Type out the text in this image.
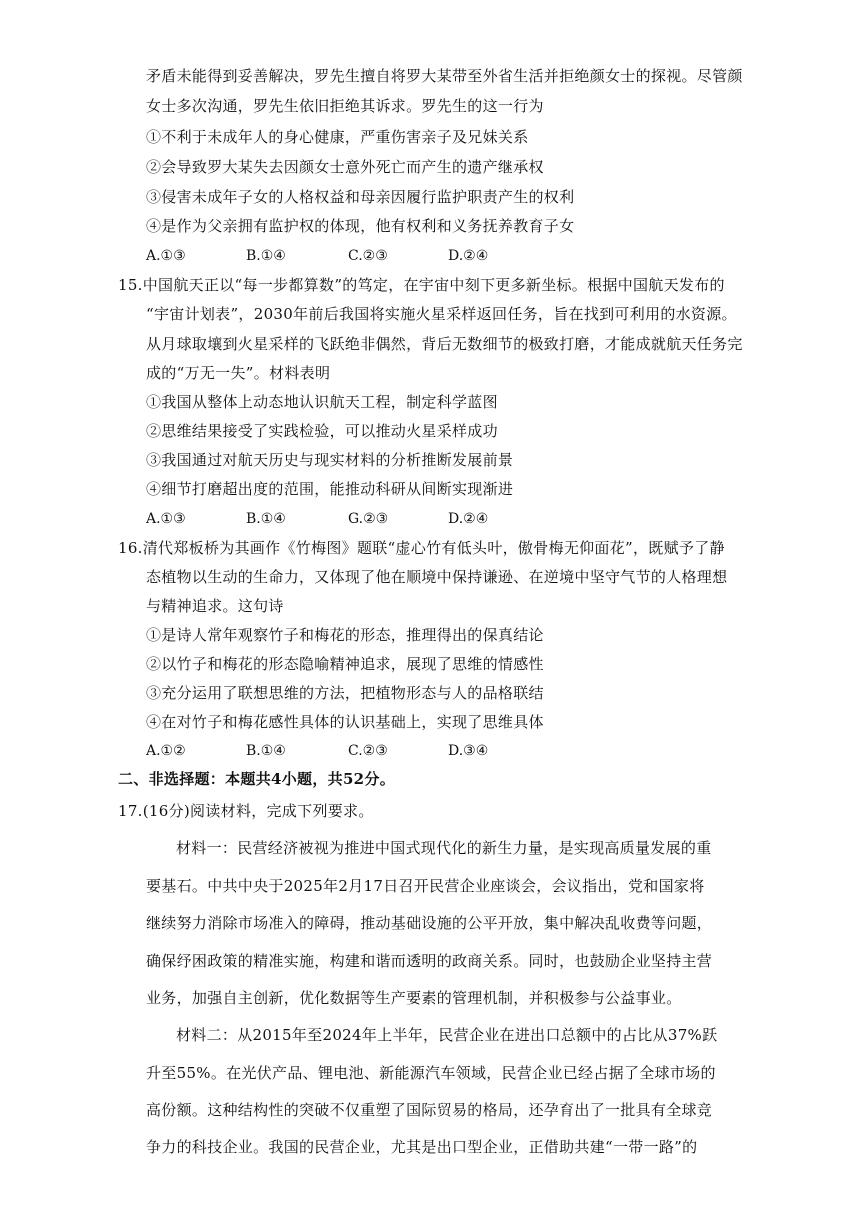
矛盾未能得到妥善解决，罗先生擅自将罗大某带至外省生活并拒绝颜女士的探视。尽管颜
女士多次沟通，罗先生依旧拒绝其诉求。罗先生的这一行为
①不利于未成年人的身心健康，严重伤害亲子及兄妹关系
②会导致罗大某失去因颜女士意外死亡而产生的遗产继承权
③侵害未成年子女的人格权益和母亲因履行监护职责产生的权利
④是作为父亲拥有监护权的体现，他有权利和义务抚养教育子女
A.①③	B.①④	C.②③	D.②④
15.中国航天正以“每一步都算数”的笃定，在宇宙中刻下更多新坐标。根据中国航天发布的
“宇宙计划表”，2030年前后我国将实施火星采样返回任务，旨在找到可利用的水资源。
从月球取壤到火星采样的飞跃绝非偶然，背后无数细节的极致打磨，才能成就航天任务完
成的“万无一失”。材料表明
①我国从整体上动态地认识航天工程，制定科学蓝图
②思维结果接受了实践检验，可以推动火星采样成功
③我国通过对航天历史与现实材料的分析推断发展前景
④细节打磨超出度的范围，能推动科研从间断实现渐进
A.①③	B.①④	G.②③	D.②④
16.清代郑板桥为其画作《竹梅图》题联“虚心竹有低头叶，傲骨梅无仰面花”，既赋予了静
态植物以生动的生命力，又体现了他在顺境中保持谦逊、在逆境中坚守气节的人格理想
与精神追求。这句诗
①是诗人常年观察竹子和梅花的形态，推理得出的保真结论
②以竹子和梅花的形态隐喻精神追求，展现了思维的情感性
③充分运用了联想思维的方法，把植物形态与人的品格联结
④在对竹子和梅花感性具体的认识基础上，实现了思维具体
A.①②	B.①④	C.②③	D.③④
二、非选择题：本题共4小题，共52分。
17.(16分)阅读材料，完成下列要求。
材料一：民营经济被视为推进中国式现代化的新生力量，是实现高质量发展的重
要基石。中共中央于2025年2月17日召开民营企业座谈会，会议指出，党和国家将
继续努力消除市场准入的障碍，推动基础设施的公平开放，集中解决乱收费等问题，
确保纾困政策的精准实施，构建和谐而透明的政商关系。同时，也鼓励企业坚持主营
业务，加强自主创新，优化数据等生产要素的管理机制，并积极参与公益事业。
材料二：从2015年至2024年上半年，民营企业在进出口总额中的占比从37%跃
升至55%。在光伏产品、锂电池、新能源汽车领域，民营企业已经占据了全球市场的
高份额。这种结构性的突破不仅重塑了国际贸易的格局，还孕育出了一批具有全球竞
争力的科技企业。我国的民营企业，尤其是出口型企业，正借助共建“一带一路”的
